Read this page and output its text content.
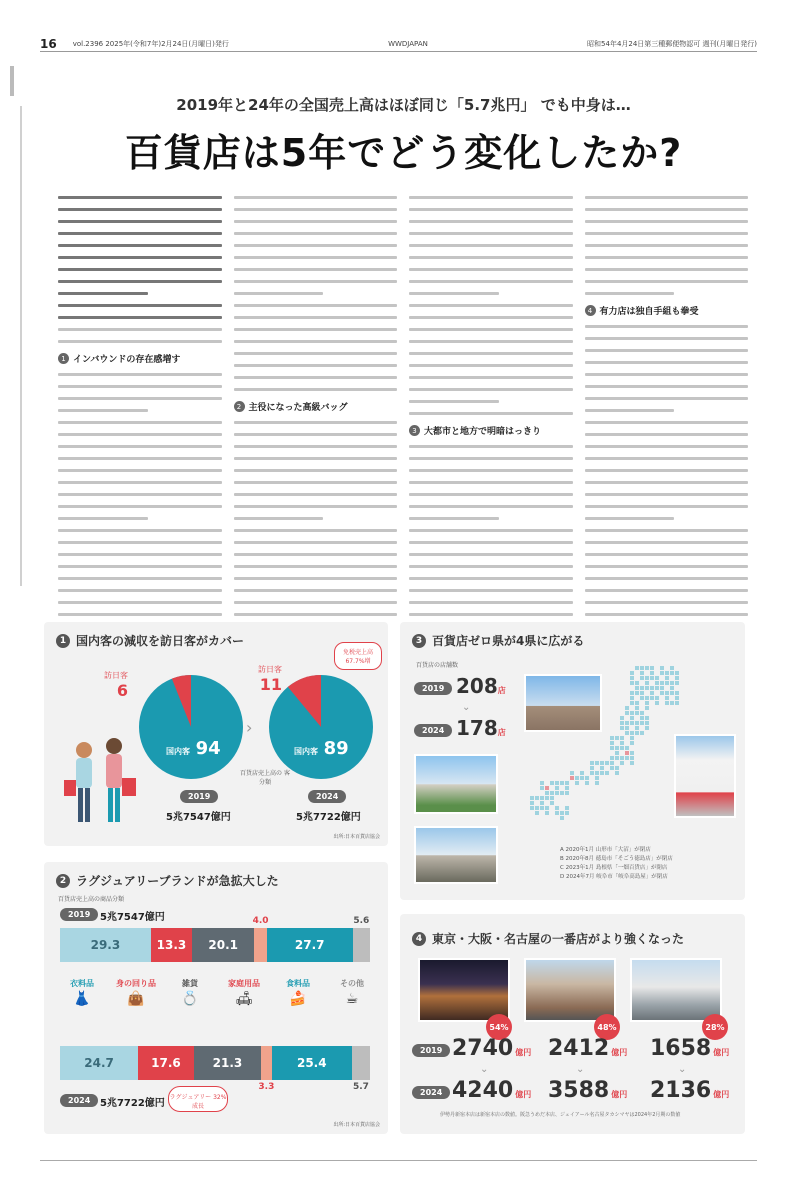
16 vol.2396 2025年(令和7年)2月24日(月曜日)発行	WWDJAPAN	昭和54年4月24日第三種郵便物認可 週刊(月曜日発行)
2019年と24年の全国売上高はほぼ同じ「5.7兆円」 でも中身は…
百貨店は5年でどう変化したか?
1 インバウンドの存在感増す
2 主役になった高級バッグ
3 大都市と地方で明暗はっきり
4 有力店は独自手組も拳受
1 国内客の減収を訪日客がカバー
訪日客
6
国内客 94
2019
5兆7547億円
›
訪日客
11
免税売上高 67.7%増
国内客 89
百貨店売上高の 客分類
2024
5兆7722億円
出所:日本百貨店協会
2 ラグジュアリーブランドが急拡大した
百貨店売上高の商品分類
2019 5兆7547億円
29.3	13.3 20.1
4.0
27.7
5.6
衣料品
👗
身の回り品
👜
雑貨
💍
家庭用品
🛋
食料品
🍰
その他
☕
24.7	17.6	21.3
3.3
25.4
5.7
2024 5兆7722億円
ラグジュアリー 32%成長
出所:日本百貨店協会
3 百貨店ゼロ県が4県に広がる
百貨店の店舗数
2019 208店
⌄
2024 178店
A 2020年1月 山形市「大沼」が閉店
B 2020年8月 徳島市「そごう徳島店」が閉店
C 2023年1月 島根県「一畑百貨店」が閉店
D 2024年7月 岐阜市「岐阜高島屋」が閉店
4 東京・大阪・名古屋の一番店がより強くなった
54%	48%	28%
2019 2740 億円 2412 億円 1658 億円
⌄	⌄	⌄
2024 4240 億円 3588 億円 2136 億円
伊勢丹新宿本店は新宿本店の数値。阪急うめだ本店、ジェイアール名古屋タカシマヤは2024年2月期の数値
